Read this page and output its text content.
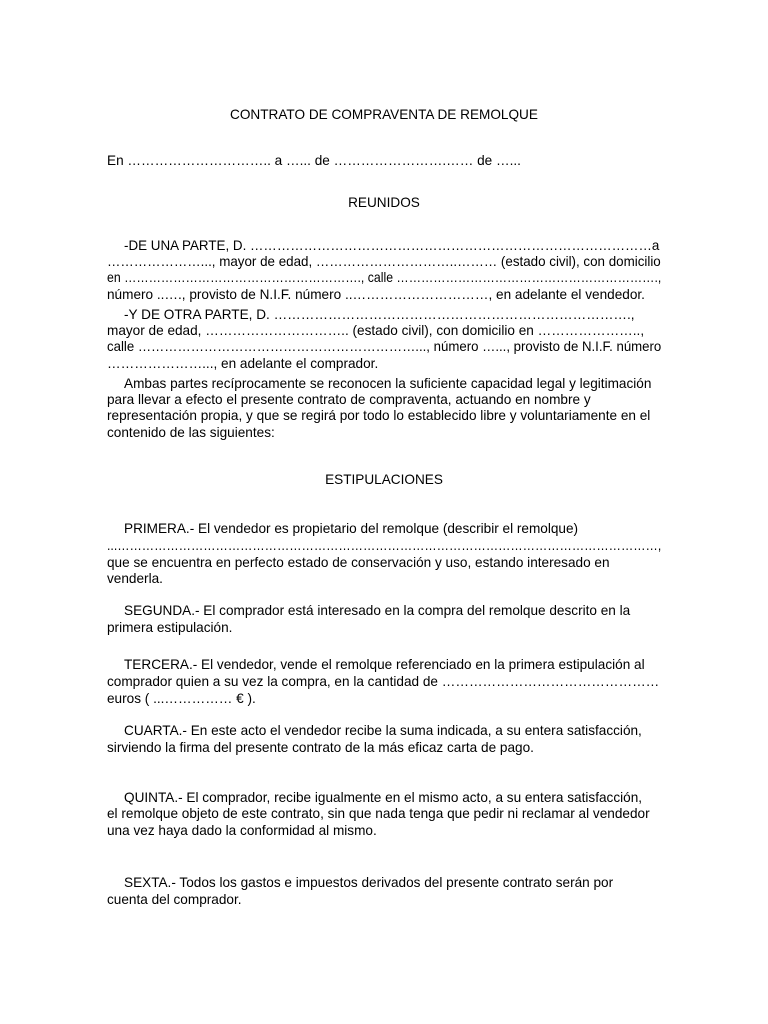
CONTRATO DE COMPRAVENTA DE REMOLQUE
En ………………………….. a …... de …………………….…… de …...
REUNIDOS
-DE UNA PARTE, D. ………………………………………………………………………………a
…………………..., mayor de edad, …………………………..……… (estado civil), con domicilio
en …………………………………………………., calle ……………………………………………………….,
número ..…., provisto de N.I.F. número ..…………………………, en adelante el vendedor.
-Y DE OTRA PARTE, D. …………………………………………………………………….,
mayor de edad, ………………………….. (estado civil), con domicilio en …………………..,
calle ………………………………………………………..., número …..., provisto de N.I.F. número
…………………..., en adelante el comprador.
Ambas partes recíprocamente se reconocen la suficiente capacidad legal y legitimación
para llevar a efecto el presente contrato de compraventa, actuando en nombre y
representación propia, y que se regirá por todo lo establecido libre y voluntariamente en el
contenido de las siguientes:
ESTIPULACIONES
PRIMERA.- El vendedor es propietario del remolque (describir el remolque)
...……………………………………………………………………………………………………………………,
que se encuentra en perfecto estado de conservación y uso, estando interesado en
venderla.
SEGUNDA.- El comprador está interesado en la compra del remolque descrito en la
primera estipulación.
TERCERA.- El vendedor, vende el remolque referenciado en la primera estipulación al
comprador quien a su vez la compra, en la cantidad de …………………………………………
euros ( ...…………… € ).
CUARTA.- En este acto el vendedor recibe la suma indicada, a su entera satisfacción,
sirviendo la firma del presente contrato de la más eficaz carta de pago.
QUINTA.- El comprador, recibe igualmente en el mismo acto, a su entera satisfacción,
el remolque objeto de este contrato, sin que nada tenga que pedir ni reclamar al vendedor
una vez haya dado la conformidad al mismo.
SEXTA.- Todos los gastos e impuestos derivados del presente contrato serán por
cuenta del comprador.
